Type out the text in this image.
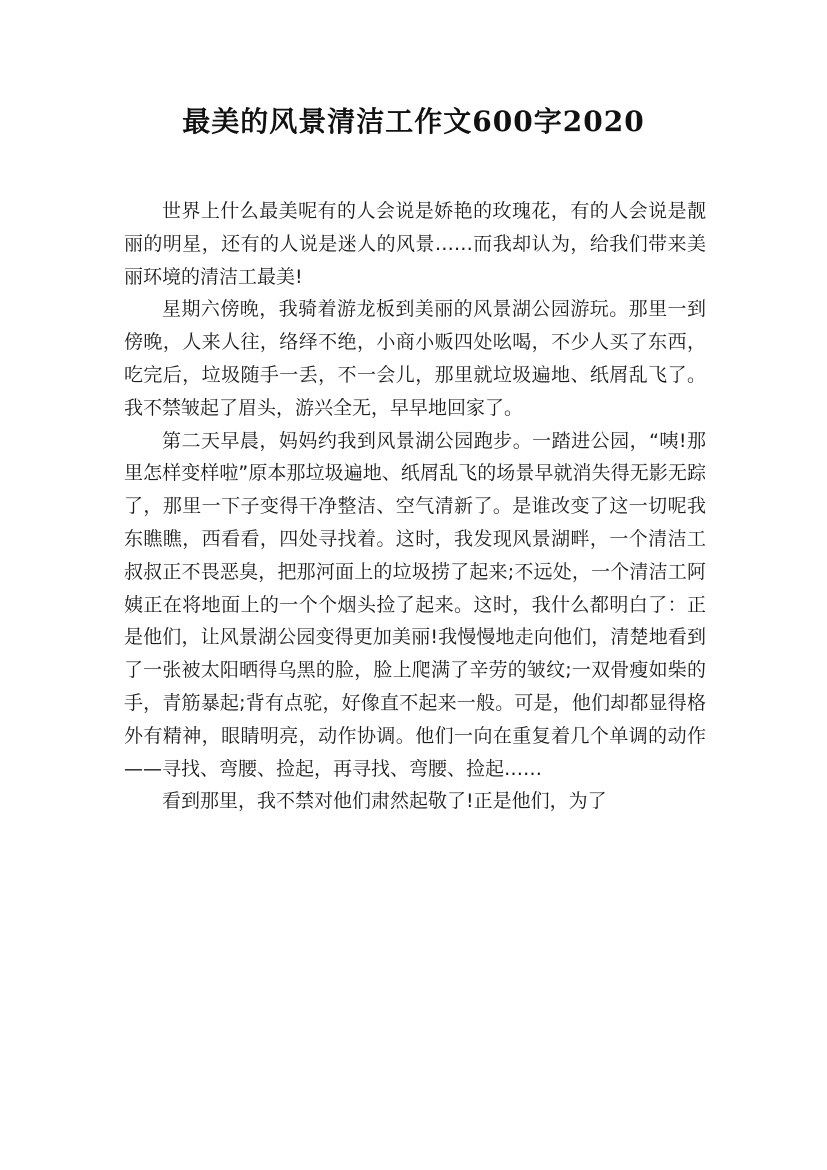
最美的风景清洁工作文600字2020

世界上什么最美呢有的人会说是娇艳的玫瑰花，有的人会说是靓丽的明星，还有的人说是迷人的风景……而我却认为，给我们带来美丽环境的清洁工最美!

星期六傍晚，我骑着游龙板到美丽的风景湖公园游玩。那里一到傍晚，人来人往，络绎不绝，小商小贩四处吆喝，不少人买了东西，吃完后，垃圾随手一丢，不一会儿，那里就垃圾遍地、纸屑乱飞了。我不禁皱起了眉头，游兴全无，早早地回家了。

第二天早晨，妈妈约我到风景湖公园跑步。一踏进公园，“咦!那里怎样变样啦”原本那垃圾遍地、纸屑乱飞的场景早就消失得无影无踪了，那里一下子变得干净整洁、空气清新了。是谁改变了这一切呢我东瞧瞧，西看看，四处寻找着。这时，我发现风景湖畔，一个清洁工叔叔正不畏恶臭，把那河面上的垃圾捞了起来;不远处，一个清洁工阿姨正在将地面上的一个个烟头捡了起来。这时，我什么都明白了：正是他们，让风景湖公园变得更加美丽!我慢慢地走向他们，清楚地看到了一张被太阳晒得乌黑的脸，脸上爬满了辛劳的皱纹;一双骨瘦如柴的手，青筋暴起;背有点驼，好像直不起来一般。可是，他们却都显得格外有精神，眼睛明亮，动作协调。他们一向在重复着几个单调的动作——寻找、弯腰、捡起，再寻找、弯腰、捡起……

看到那里，我不禁对他们肃然起敬了!正是他们，为了
